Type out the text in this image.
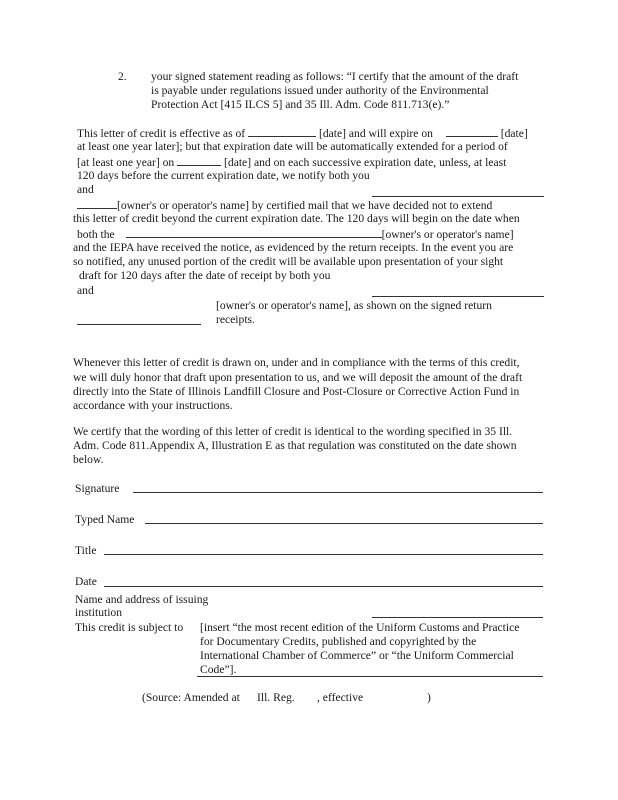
2. your signed statement reading as follows: “I certify that the amount of the draft
is payable under regulations issued under authority of the Environmental
Protection Act [415 ILCS 5] and 35 Ill. Adm. Code 811.713(e).”
This letter of credit is effective as of	[date] and will expire on	[date]
at least one year later]; but that expiration date will be automatically extended for a period of
[at least one year] on	[date] and on each successive expiration date, unless, at least
120 days before the current expiration date, we notify both you
and
[owner's or operator's name] by certified mail that we have decided not to extend
this letter of credit beyond the current expiration date. The 120 days will begin on the date when
both the	[owner's or operator's name]
and the IEPA have received the notice, as evidenced by the return receipts. In the event you are
so notified, any unused portion of the credit will be available upon presentation of your sight
draft for 120 days after the date of receipt by both you
and
[owner's or operator's name], as shown on the signed return
receipts.
Whenever this letter of credit is drawn on, under and in compliance with the terms of this credit,
we will duly honor that draft upon presentation to us, and we will deposit the amount of the draft
directly into the State of Illinois Landfill Closure and Post-Closure or Corrective Action Fund in
accordance with your instructions.
We certify that the wording of this letter of credit is identical to the wording specified in 35 Ill.
Adm. Code 811.Appendix A, Illustration E as that regulation was constituted on the date shown
below.
Signature
Typed Name
Title
Date
Name and address of issuing
institution
This credit is subject to [insert “the most recent edition of the Uniform Customs and Practice
for Documentary Credits, published and copyrighted by the
International Chamber of Commerce” or “the Uniform Commercial
Code”].
(Source: Amended at Ill. Reg. , effective	)
